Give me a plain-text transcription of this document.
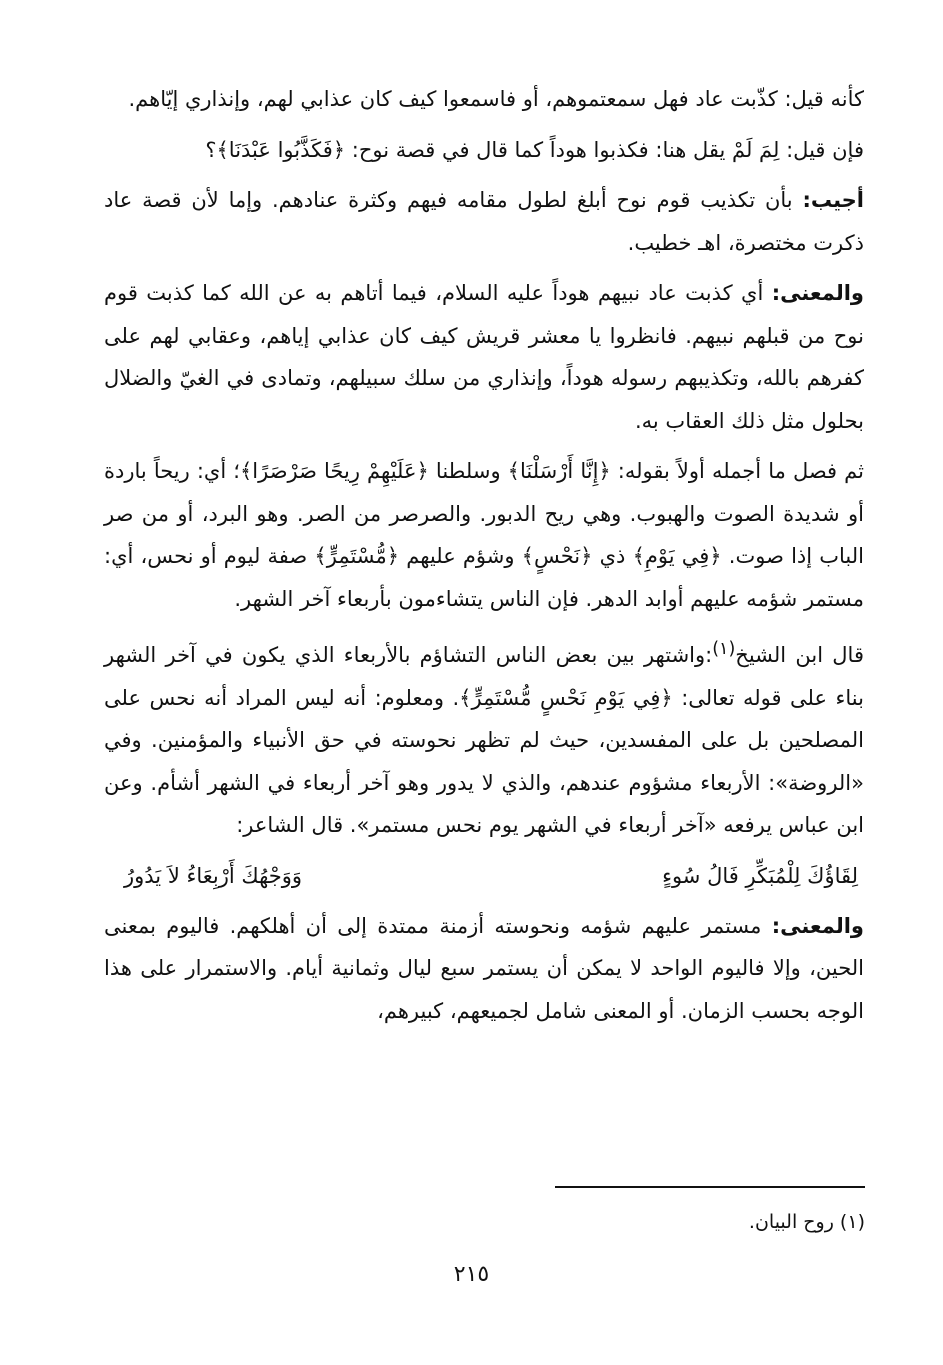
كأنه قيل: كذّبت عاد فهل سمعتموهم، أو فاسمعوا كيف كان عذابي لهم، وإنذاري إيّاهم.

فإن قيل: لِمَ لَمْ يقل هنا: فكذبوا هوداً كما قال في قصة نوح: ﴿فَكَذَّبُوا عَبْدَنَا﴾؟

أجيب: بأن تكذيب قوم نوح أبلغ لطول مقامه فيهم وكثرة عنادهم. وإما لأن قصة عاد ذكرت مختصرة، اهـ خطيب.

والمعنى: أي كذبت عاد نبيهم هوداً عليه السلام، فيما أتاهم به عن الله كما كذبت قوم نوح من قبلهم نبيهم. فانظروا يا معشر قريش كيف كان عذابي إياهم، وعقابي لهم على كفرهم بالله، وتكذيبهم رسوله هوداً، وإنذاري من سلك سبيلهم، وتمادى في الغيّ والضلال بحلول مثل ذلك العقاب به.

ثم فصل ما أجمله أولاً بقوله: ﴿إِنَّا أَرْسَلْنَا﴾ وسلطنا ﴿عَلَيْهِمْ رِيحًا صَرْصَرًا﴾؛ أي: ريحاً باردة أو شديدة الصوت والهبوب. وهي ريح الدبور. والصرصر من الصر. وهو البرد، أو من صر الباب إذا صوت. ﴿فِي يَوْمِ﴾ ذي ﴿نَحْسٍ﴾ وشؤم عليهم ﴿مُّسْتَمِرٍّ﴾ صفة ليوم أو نحس، أي: مستمر شؤمه عليهم أوابد الدهر. فإن الناس يتشاءمون بأربعاء آخر الشهر.

قال ابن الشيخ$^{(١)}$:واشتهر بين بعض الناس التشاؤم بالأربعاء الذي يكون في آخر الشهر بناء على قوله تعالى: ﴿فِي يَوْمِ نَحْسٍ مُّسْتَمِرٍّ﴾. ومعلوم: أنه ليس المراد أنه نحس على المصلحين بل على المفسدين، حيث لم تظهر نحوسته في حق الأنبياء والمؤمنين. وفي «الروضة»: الأربعاء مشؤوم عندهم، والذي لا يدور وهو آخر أربعاء في الشهر أشأم. وعن ابن عباس يرفعه «آخر أربعاء في الشهر يوم نحس مستمر». قال الشاعر:

لِقَاؤُكَ لِلْمُبَكِّرِ فَالُ سُوءٍ
وَوَجْهُكَ أَرْبِعَاءُ لاَ يَدُورُ

والمعنى: مستمر عليهم شؤمه ونحوسته أزمنة ممتدة إلى أن أهلكهم. فاليوم بمعنى الحين، وإلا فاليوم الواحد لا يمكن أن يستمر سبع ليال وثمانية أيام. والاستمرار على هذا الوجه بحسب الزمان. أو المعنى شامل لجميعهم، كبيرهم،

(١) روح البيان.
٢١٥
